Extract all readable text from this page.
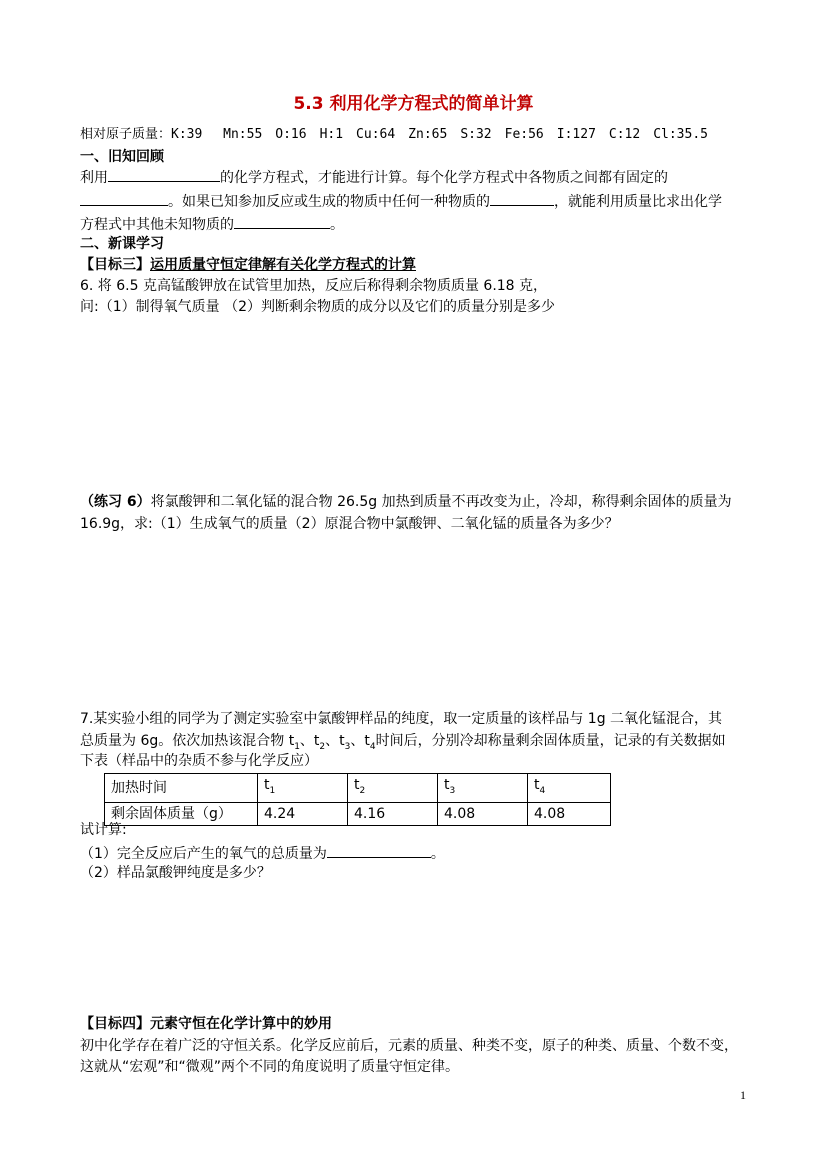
5.3 利用化学方程式的简单计算
相对原子质量：K:39　 Mn:55　O:16　H:1　Cu:64　Zn:65　S:32　Fe:56　I:127　C:12　Cl:35.5
一、旧知回顾
利用	的化学方程式，才能进行计算。每个化学方程式中各物质之间都有固定的
。如果已知参加反应或生成的物质中任何一种物质的	，就能利用质量比求出化学
方程式中其他未知物质的	。
二、新课学习
【目标三】运用质量守恒定律解有关化学方程式的计算
6. 将 6.5 克高锰酸钾放在试管里加热，反应后称得剩余物质质量 6.18 克，
问:（1）制得氧气质量 （2）判断剩余物质的成分以及它们的质量分别是多少
（练习 6）将氯酸钾和二氧化锰的混合物 26.5g 加热到质量不再改变为止，冷却，称得剩余固体的质量为
16.9g，求:（1）生成氧气的质量（2）原混合物中氯酸钾、二氧化锰的质量各为多少？
7.某实验小组的同学为了测定实验室中氯酸钾样品的纯度，取一定质量的该样品与 1g 二氧化锰混合，其
总质量为 6g。依次加热该混合物 $t_1$、$t_2$、$t_3$、$t_4$时间后，分别冷却称量剩余固体质量，记录的有关数据如
下表（样品中的杂质不参与化学反应）
加热时间	$t_1$	$t_2$	$t_3$	$t_4$
剩余固体质量（g）	4.24	4.16	4.08	4.08
试计算:
（1）完全反应后产生的氧气的总质量为	。
（2）样品氯酸钾纯度是多少？
【目标四】元素守恒在化学计算中的妙用
初中化学存在着广泛的守恒关系。化学反应前后，元素的质量、种类不变，原子的种类、质量、个数不变，
这就从“宏观”和“微观”两个不同的角度说明了质量守恒定律。
1
